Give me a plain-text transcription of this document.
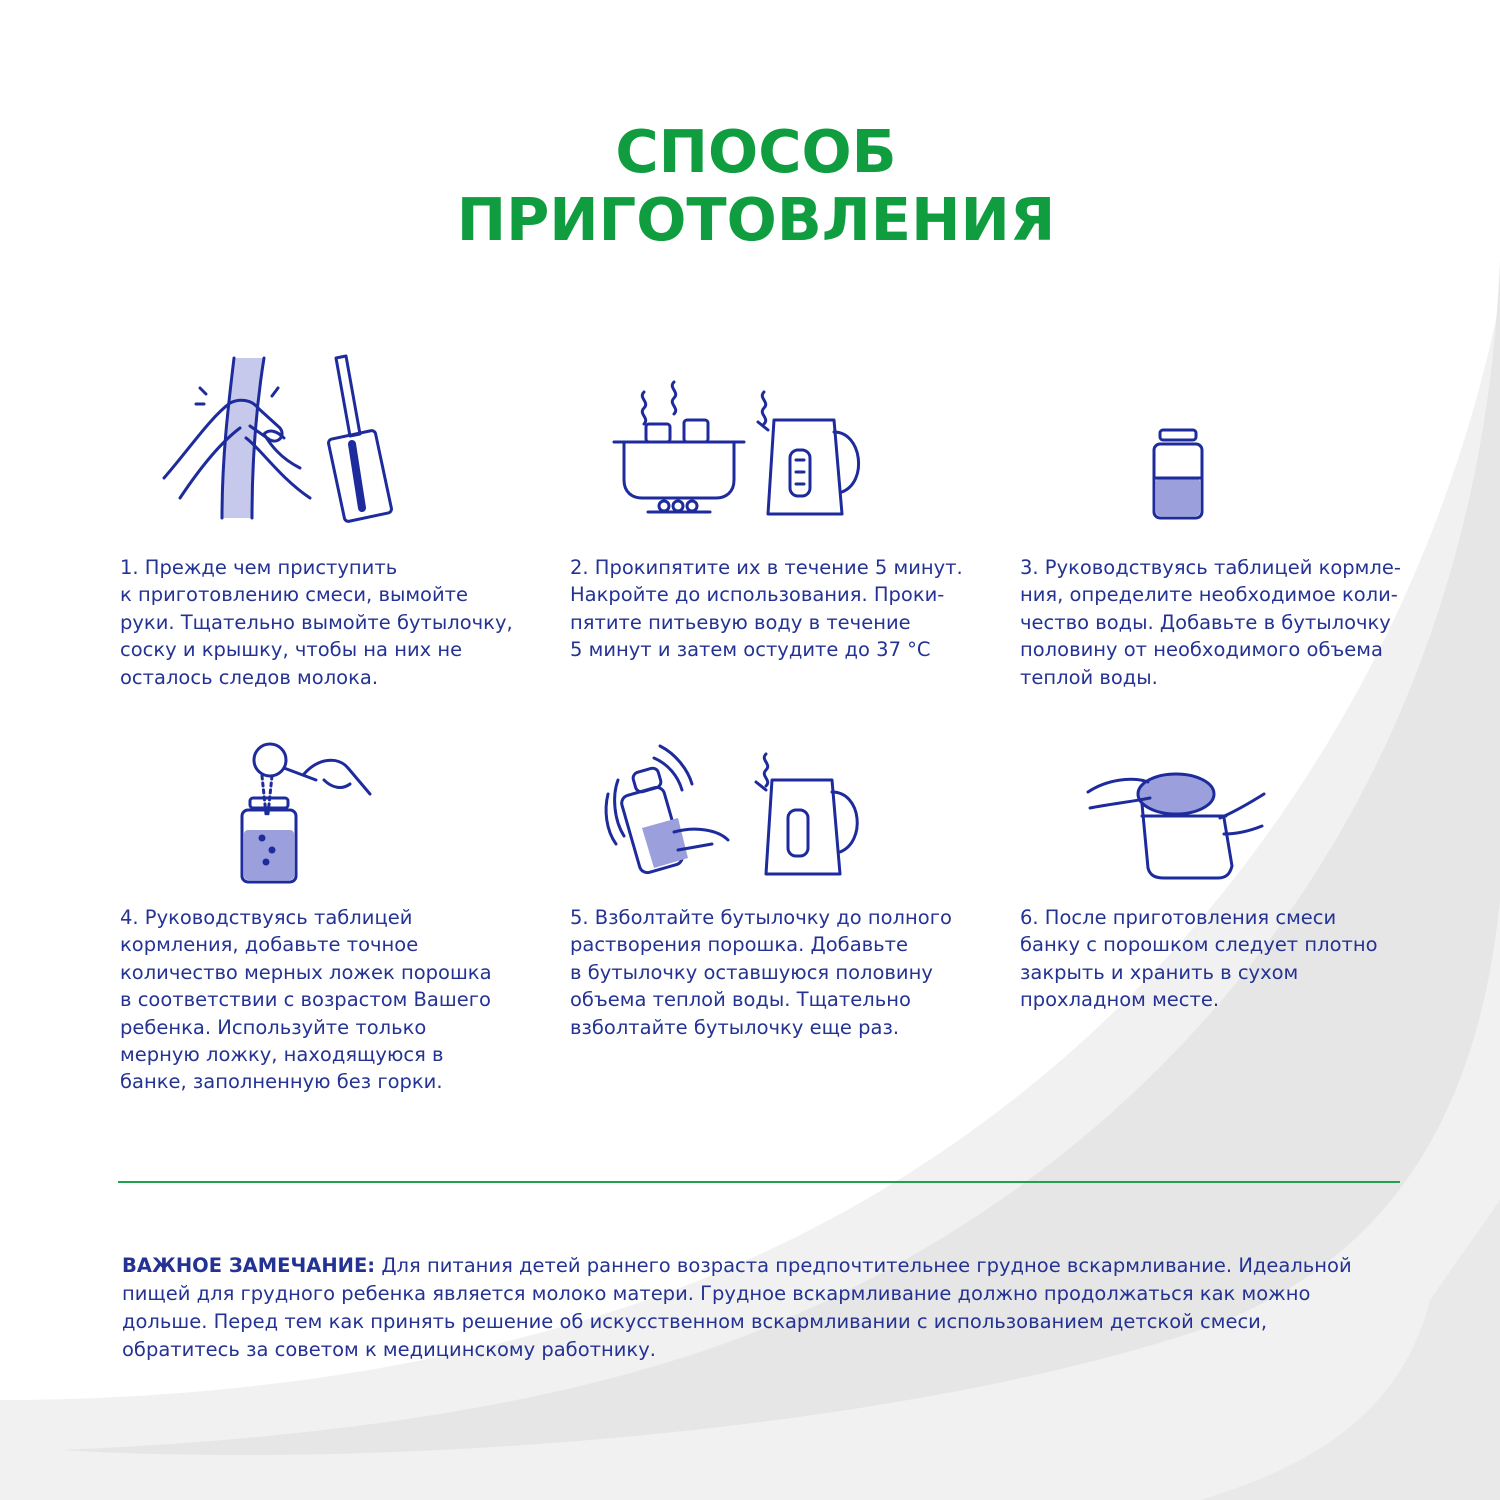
СПОСОБ
ПРИГОТОВЛЕНИЯ
1. Прежде чем приступить
к приготовлению смеси, вымойте
руки. Тщательно вымойте бутылочку,
соску и крышку, чтобы на них не
осталось следов молока.
2. Прокипятите их в течение 5 минут.
Накройте до использования. Проки-
пятите питьевую воду в течение
5 минут и затем остудите до 37 °С
3. Руководствуясь таблицей кормле-
ния, определите необходимое коли-
чество воды. Добавьте в бутылочку
половину от необходимого объема
теплой воды.
4. Руководствуясь таблицей
кормления, добавьте точное
количество мерных ложек порошка
в соответствии с возрастом Вашего
ребенка. Используйте только
мерную ложку, находящуюся в
банке, заполненную без горки.
5. Взболтайте бутылочку до полного
растворения порошка. Добавьте
в бутылочку оставшуюся половину
объема теплой воды. Тщательно
взболтайте бутылочку еще раз.
6. После приготовления смеси
банку с порошком следует плотно
закрыть и хранить в сухом
прохладном месте.
ВАЖНОЕ ЗАМЕЧАНИЕ: Для питания детей раннего возраста предпочтительнее грудное вскармливание. Идеальной
пищей для грудного ребенка является молоко матери. Грудное вскармливание должно продолжаться как можно
дольше. Перед тем как принять решение об искусственном вскармливании с использованием детской смеси,
обратитесь за советом к медицинскому работнику.
